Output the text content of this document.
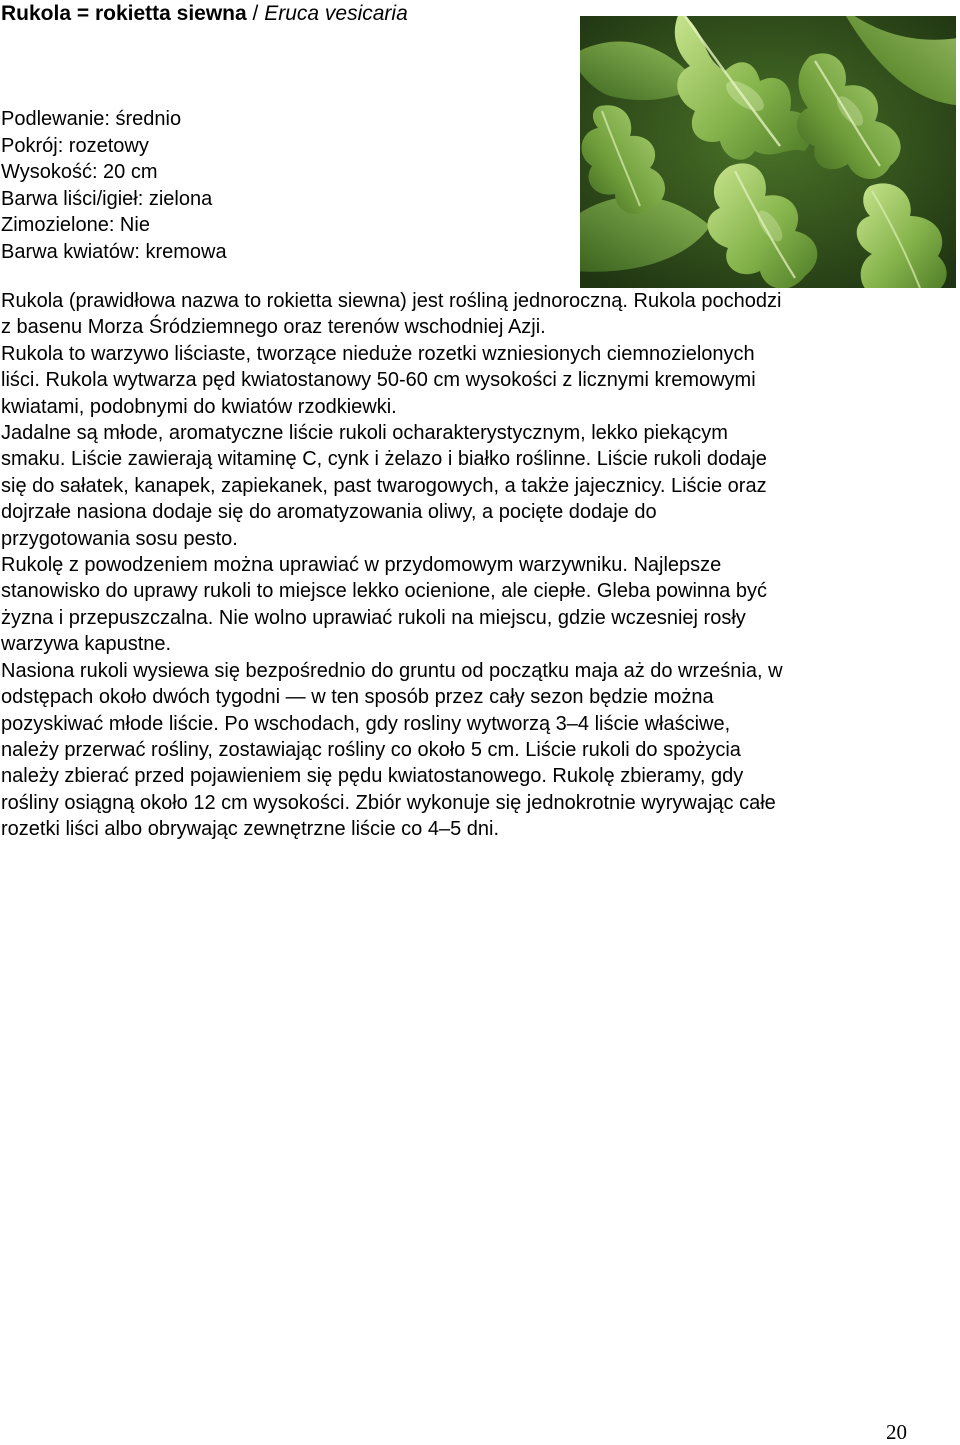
Rukola = rokietta siewna / Eruca vesicaria
Podlewanie: średnio
Pokrój: rozetowy
Wysokość: 20 cm
Barwa liści/igieł: zielona
Zimozielone: Nie
Barwa kwiatów: kremowa
Rukola (prawidłowa nazwa to rokietta siewna) jest rośliną jednoroczną. Rukola pochodzi
z basenu Morza Śródziemnego oraz terenów wschodniej Azji.
Rukola to warzywo liściaste, tworzące nieduże rozetki wzniesionych ciemnozielonych
liści. Rukola wytwarza pęd kwiatostanowy 50-60 cm wysokości z licznymi kremowymi
kwiatami, podobnymi do kwiatów rzodkiewki.
Jadalne są młode, aromatyczne liście rukoli ocharakterystycznym, lekko piekącym
smaku. Liście zawierają witaminę C, cynk i żelazo i białko roślinne. Liście rukoli dodaje
się do sałatek, kanapek, zapiekanek, past twarogowych, a także jajecznicy. Liście oraz
dojrzałe nasiona dodaje się do aromatyzowania oliwy, a pocięte dodaje do
przygotowania sosu pesto.
Rukolę z powodzeniem można uprawiać w przydomowym warzywniku. Najlepsze
stanowisko do uprawy rukoli to miejsce lekko ocienione, ale ciepłe. Gleba powinna być
żyzna i przepuszczalna. Nie wolno uprawiać rukoli na miejscu, gdzie wczesniej rosły
warzywa kapustne.
Nasiona rukoli wysiewa się bezpośrednio do gruntu od początku maja aż do września, w
odstępach około dwóch tygodni — w ten sposób przez cały sezon będzie można
pozyskiwać młode liście. Po wschodach, gdy rosliny wytworzą 3–4 liście właściwe,
należy przerwać rośliny, zostawiając rośliny co około 5 cm. Liście rukoli do spożycia
należy zbierać przed pojawieniem się pędu kwiatostanowego. Rukolę zbieramy, gdy
rośliny osiągną około 12 cm wysokości. Zbiór wykonuje się jednokrotnie wyrywając całe
rozetki liści albo obrywając zewnętrzne liście co 4–5 dni.
20
